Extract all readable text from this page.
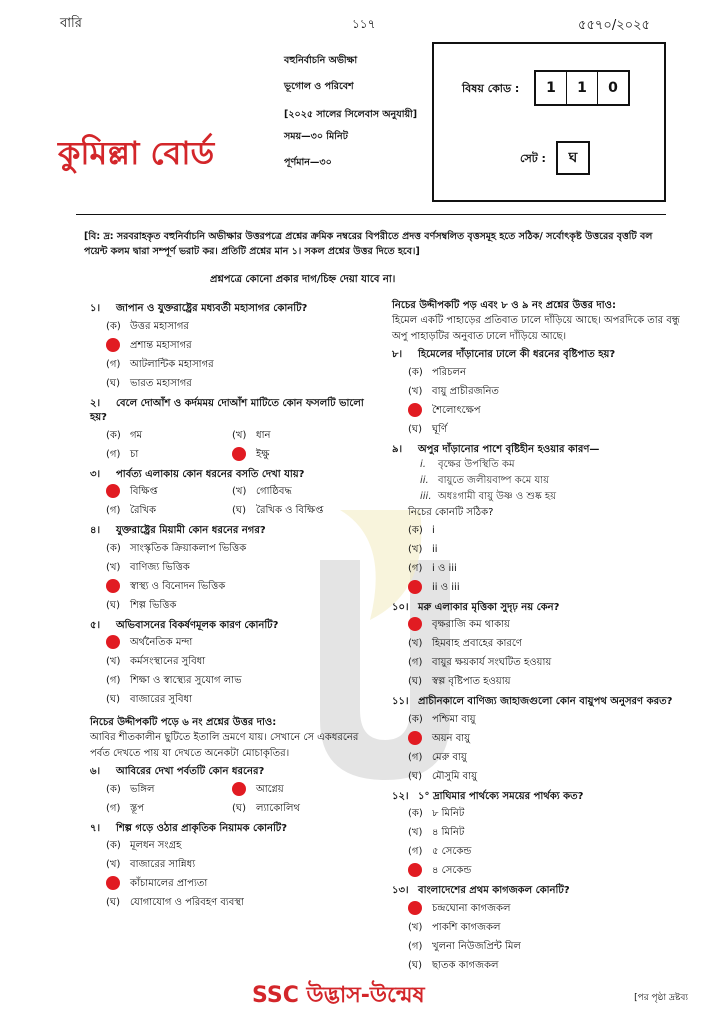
বারি	১১৭	৫৫৭০/২০২৫
কুমিল্লা বোর্ড
বহুনির্বাচনি অভীক্ষা
ভূগোল ও পরিবেশ
[২০২৫ সালের সিলেবাস অনুযায়ী]
সময়—৩০ মিনিট
পূর্ণমান—৩০
বিষয় কোড :	1	1	0
সেট :	ঘ
[বি: দ্র: সরবরাহকৃত বহুনির্বাচনি অভীক্ষার উত্তরপত্রে প্রশ্নের ক্রমিক নম্বরের বিপরীতে প্রদত্ত বর্ণসম্বলিত বৃত্তসমূহ হতে সঠিক/ সর্বোৎকৃষ্ট উত্তরের বৃত্তটি বল পয়েন্ট কলম দ্বারা সম্পূর্ণ ভরাট কর। প্রতিটি প্রশ্নের মান ১। সকল প্রশ্নের উত্তর দিতে হবে।]
প্রশ্নপত্রে কোনো প্রকার দাগ/চিহ্ন দেয়া যাবে না।
১। জাপান ও যুক্তরাষ্ট্রের মধ্যবর্তী মহাসাগর কোনটি?
(ক) উত্তর মহাসাগর
প্রশান্ত মহাসাগর
(গ) আটলান্টিক মহাসাগর
(ঘ) ভারত মহাসাগর
২। বেলে দোআঁশ ও কর্দমময় দোআঁশ মাটিতে কোন ফসলটি ভালো হয়?
(ক) গম	(খ) ধান
(গ) চা	ইক্ষু
৩। পার্বত্য এলাকায় কোন ধরনের বসতি দেখা যায়?
বিক্ষিপ্ত	(খ) গোষ্ঠিবদ্ধ
(গ) রৈখিক	(ঘ) রৈখিক ও বিক্ষিপ্ত
৪। যুক্তরাষ্ট্রের মিয়ামী কোন ধরনের নগর?
(ক) সাংস্কৃতিক ক্রিয়াকলাপ ভিত্তিক
(খ) বাণিজ্য ভিত্তিক
স্বাস্থ্য ও বিনোদন ভিত্তিক
(ঘ) শিল্প ভিত্তিক
৫। অভিবাসনের বিকর্ষণমূলক কারণ কোনটি?
অর্থনৈতিক মন্দা
(খ) কর্মসংস্থানের সুবিধা
(গ) শিক্ষা ও স্বাস্থ্যের সুযোগ লাভ
(ঘ) বাজারের সুবিধা
নিচের উদ্দীপকটি পড়ে ৬ নং প্রশ্নের উত্তর দাও:
আবির শীতকালীন ছুটিতে ইতালি ভ্রমণে যায়। সেখানে সে একধরনের পর্বত দেখতে পায় যা দেখতে অনেকটা মোচাকৃতির।
৬। আবিরের দেখা পর্বতটি কোন ধরনের?
(ক) ভঙ্গিল	আগ্নেয়
(গ) স্তূপ	(ঘ) ল্যাকোলিথ
৭। শিল্প গড়ে ওঠার প্রাকৃতিক নিয়ামক কোনটি?
(ক) মূলধন সংগ্রহ
(খ) বাজারের সান্নিধ্য
কাঁচামালের প্রাপ্যতা
(ঘ) যোগাযোগ ও পরিবহণ ব্যবস্থা
নিচের উদ্দীপকটি পড় এবং ৮ ও ৯ নং প্রশ্নের উত্তর দাও:
হিমেল একটি পাহাড়ের প্রতিবাত ঢালে দাঁড়িয়ে আছে। অপরদিকে তার বন্ধু অপু পাহাড়টির অনুবাত ঢালে দাঁড়িয়ে আছে।
৮। হিমেলের দাঁড়ানোর ঢালে কী ধরনের বৃষ্টিপাত হয়?
(ক) পরিচলন
(খ) বায়ু প্রাচীরজনিত
শৈলোৎক্ষেপ
(ঘ) ঘূর্ণি
৯। অপুর দাঁড়ানোর পাশে বৃষ্টিহীন হওয়ার কারণ—
i. বৃক্ষের উপস্থিতি কম
ii. বায়ুতে জলীয়বাষ্প কমে যায়
iii. অধঃগামী বায়ু উষ্ণ ও শুষ্ক হয়
নিচের কোনটি সঠিক?
(ক) i
(খ) ii
(গ) i ও iii
ii ও iii
১০। মরু এলাকার মৃত্তিকা সুদৃঢ় নয় কেন?
বৃক্ষরাজি কম থাকায়
(খ) হিমবাহ প্রবাহের কারণে
(গ) বায়ুর ক্ষয়কার্য সংঘটিত হওয়ায়
(ঘ) স্বল্প বৃষ্টিপাত হওয়ায়
১১। প্রাচীনকালে বাণিজ্য জাহাজগুলো কোন বায়ুপথ অনুসরণ করত?
(ক) পশ্চিমা বায়ু
অয়ন বায়ু
(গ) মেরু বায়ু
(ঘ) মৌসুমি বায়ু
১২। ১° দ্রাঘিমার পার্থক্যে সময়ের পার্থক্য কত?
(ক) ৮ মিনিট
(খ) ৪ মিনিট
(গ) ৫ সেকেন্ড
৪ সেকেন্ড
১৩। বাংলাদেশের প্রথম কাগজকল কোনটি?
চন্দ্রঘোনা কাগজকল
(খ) পাকশি কাগজকল
(গ) খুলনা নিউজপ্রিন্ট মিল
(ঘ) ছাতক কাগজকল
SSC উদ্ভাস-উন্মেষ	[পর পৃষ্ঠা দ্রষ্টব্য
